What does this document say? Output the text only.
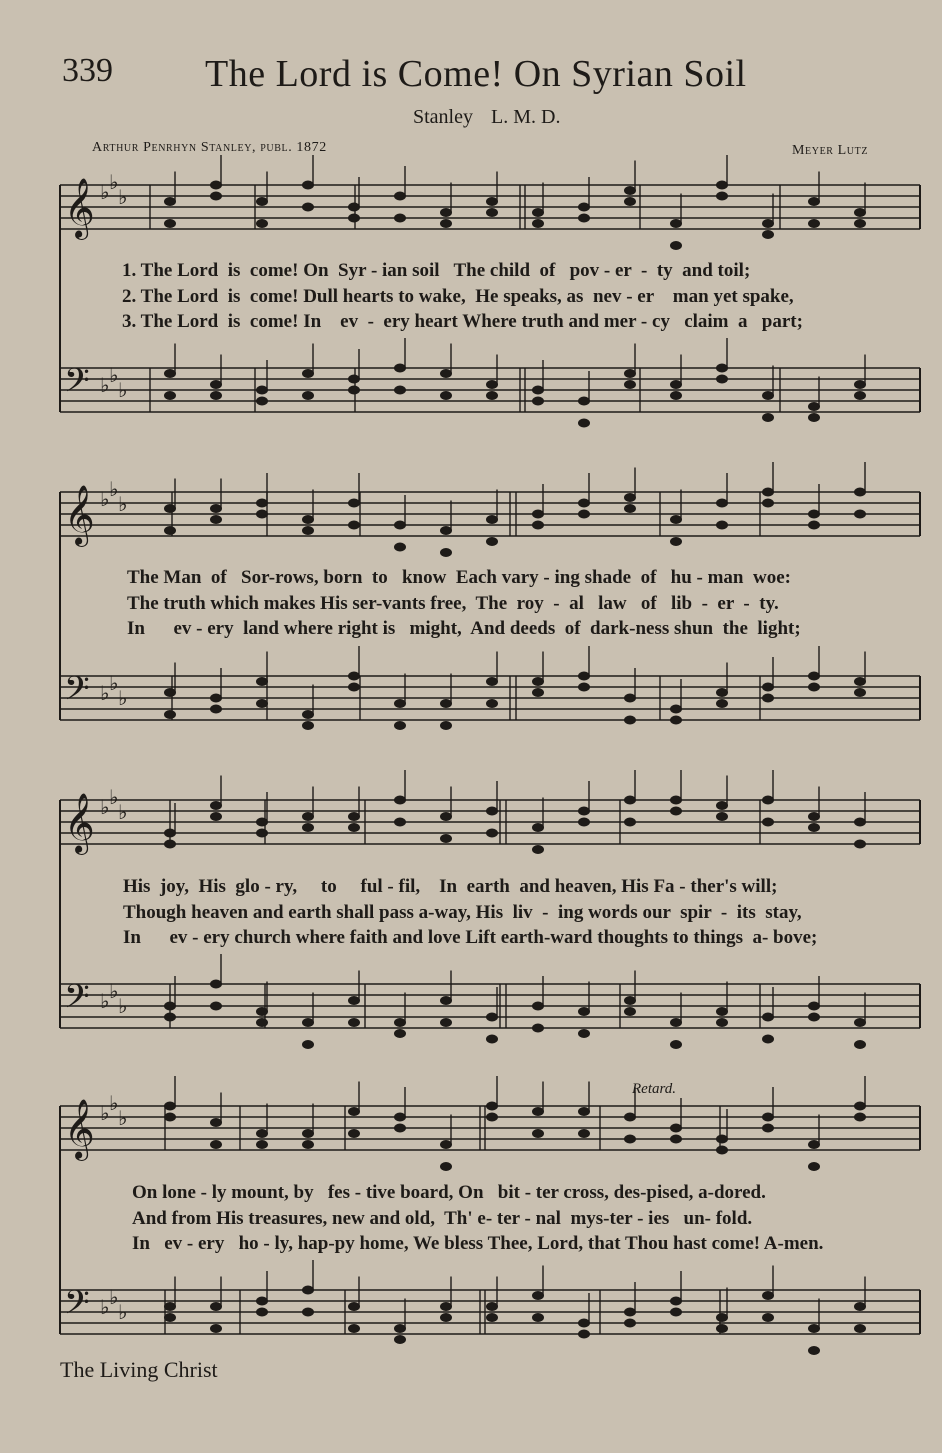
339 The Lord is Come! On Syrian Soil
Stanley L. M. D.
Arthur Penrhyn Stanley, publ. 1872	Meyer Lutz
𝄞 ♭ ♭
♭
𝄢 ♭ ♭
♭
𝄞 ♭ ♭
♭
𝄢 ♭ ♭
♭
𝄞 ♭ ♭
♭
𝄢 ♭ ♭
♭
𝄞 ♭ ♭
♭
𝄢 ♭ ♭
♭
Retard.
1. The Lord  is  come! On  Syr - ian soil   The child  of   pov - er  -  ty  and toil;
2. The Lord  is  come! Dull hearts to wake,  He speaks, as  nev - er    man yet spake,
3. The Lord  is  come! In    ev  -  ery heart Where truth and mer - cy   claim  a   part;
The Man  of   Sor-rows, born  to   know  Each vary - ing shade  of   hu - man  woe:
The truth which makes His ser-vants free,  The  roy  -  al   law   of   lib  -  er  -  ty.
In      ev - ery  land where right is   might,  And deeds  of  dark-ness shun  the  light;
His  joy,  His  glo - ry,     to     ful - fil,    In  earth  and heaven, His Fa - ther's will;
Though heaven and earth shall pass a-way, His  liv  -  ing words our  spir  -  its  stay,
In      ev - ery church where faith and love Lift earth-ward thoughts to things  a- bove;
On lone - ly mount, by   fes - tive board, On   bit - ter cross, des-pised, a-dored.
And from His treasures, new and old,  Th' e- ter - nal  mys-ter - ies   un- fold.
In   ev - ery   ho - ly, hap-py home, We bless Thee, Lord, that Thou hast come! A-men.
The Living Christ
